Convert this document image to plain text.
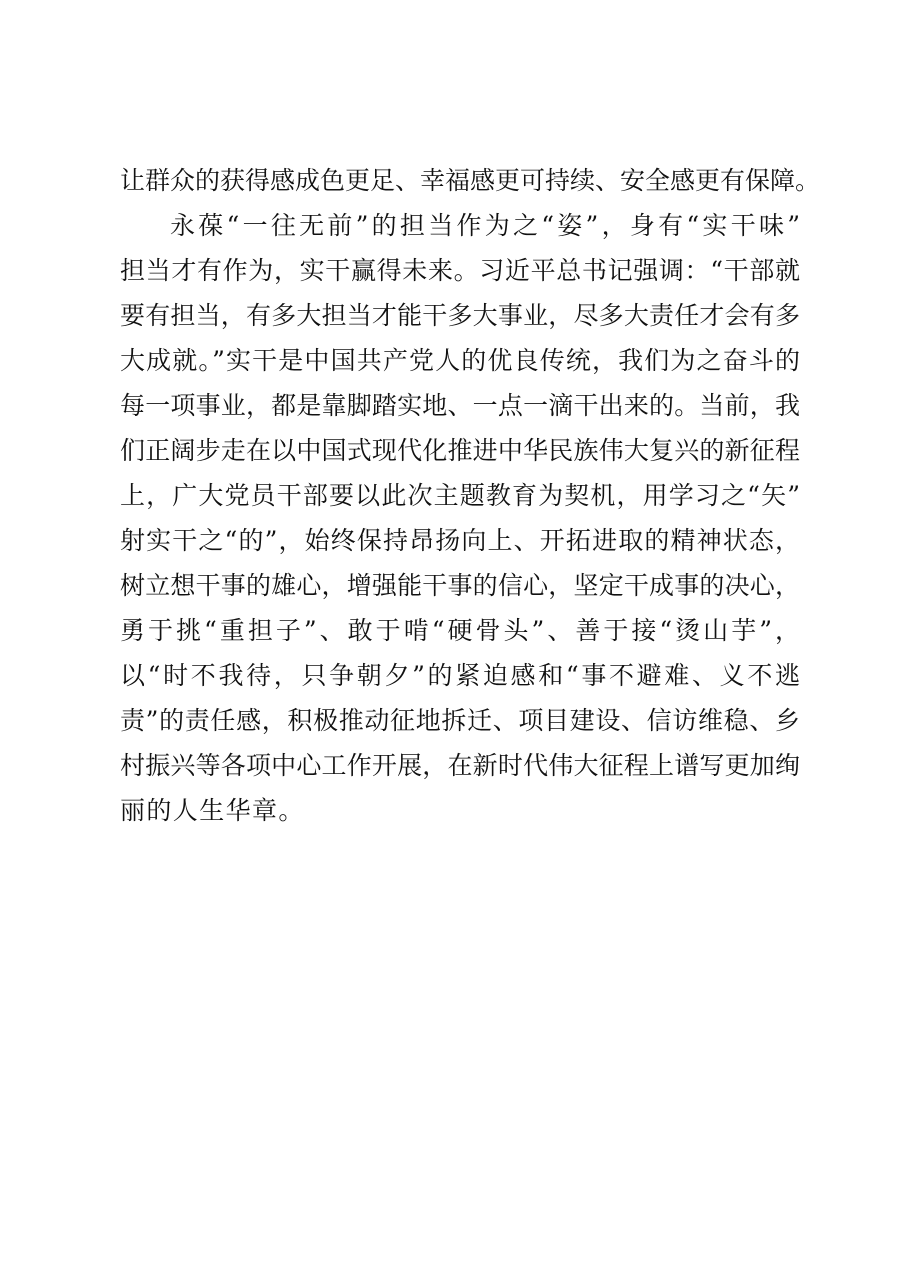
让群众的获得感成色更足、幸福感更可持续、安全感更有保障。
永葆“一往无前”的担当作为之“姿”，身有“实干味”
担当才有作为，实干赢得未来。习近平总书记强调：“干部就
要有担当，有多大担当才能干多大事业，尽多大责任才会有多
大成就。”实干是中国共产党人的优良传统，我们为之奋斗的
每一项事业，都是靠脚踏实地、一点一滴干出来的。当前，我
们正阔步走在以中国式现代化推进中华民族伟大复兴的新征程
上，广大党员干部要以此次主题教育为契机，用学习之“矢”
射实干之“的”，始终保持昂扬向上、开拓进取的精神状态，
树立想干事的雄心，增强能干事的信心，坚定干成事的决心，
勇于挑“重担子”、敢于啃“硬骨头”、善于接“烫山芋”，
以“时不我待，只争朝夕”的紧迫感和“事不避难、义不逃
责”的责任感，积极推动征地拆迁、项目建设、信访维稳、乡
村振兴等各项中心工作开展，在新时代伟大征程上谱写更加绚
丽的人生华章。
